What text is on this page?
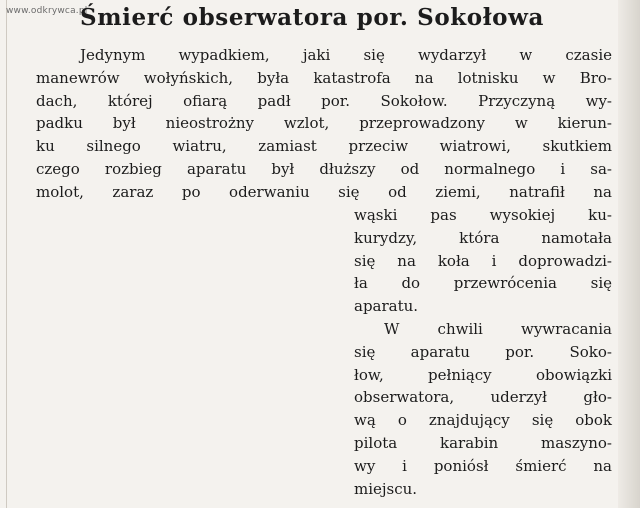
www.odkrywca.pl
Śmierć obserwatora por. Sokołowa
Jedynym wypadkiem, jaki się wydarzył w czasie
manewrów wołyńskich, była katastrofa na lotnisku w Bro-
dach, której ofiarą padł por. Sokołow. Przyczyną wy-
padku był nieostrożny wzlot, przeprowadzony w kierun-
ku silnego wiatru, zamiast przeciw wiatrowi, skutkiem
czego rozbieg aparatu był dłuższy od normalnego i sa-
molot, zaraz po oderwaniu się od ziemi, natrafił na
wąski pas wysokiej ku-
kurydzy, która namotała
się na koła i doprowadzi-
ła do przewrócenia się
aparatu.
W chwili wywracania
się aparatu por. Soko-
łow, pełniący obowiązki
obserwatora, uderzył gło-
wą o znajdujący się obok
pilota karabin maszyno-
wy i poniósł śmierć na
miejscu.
